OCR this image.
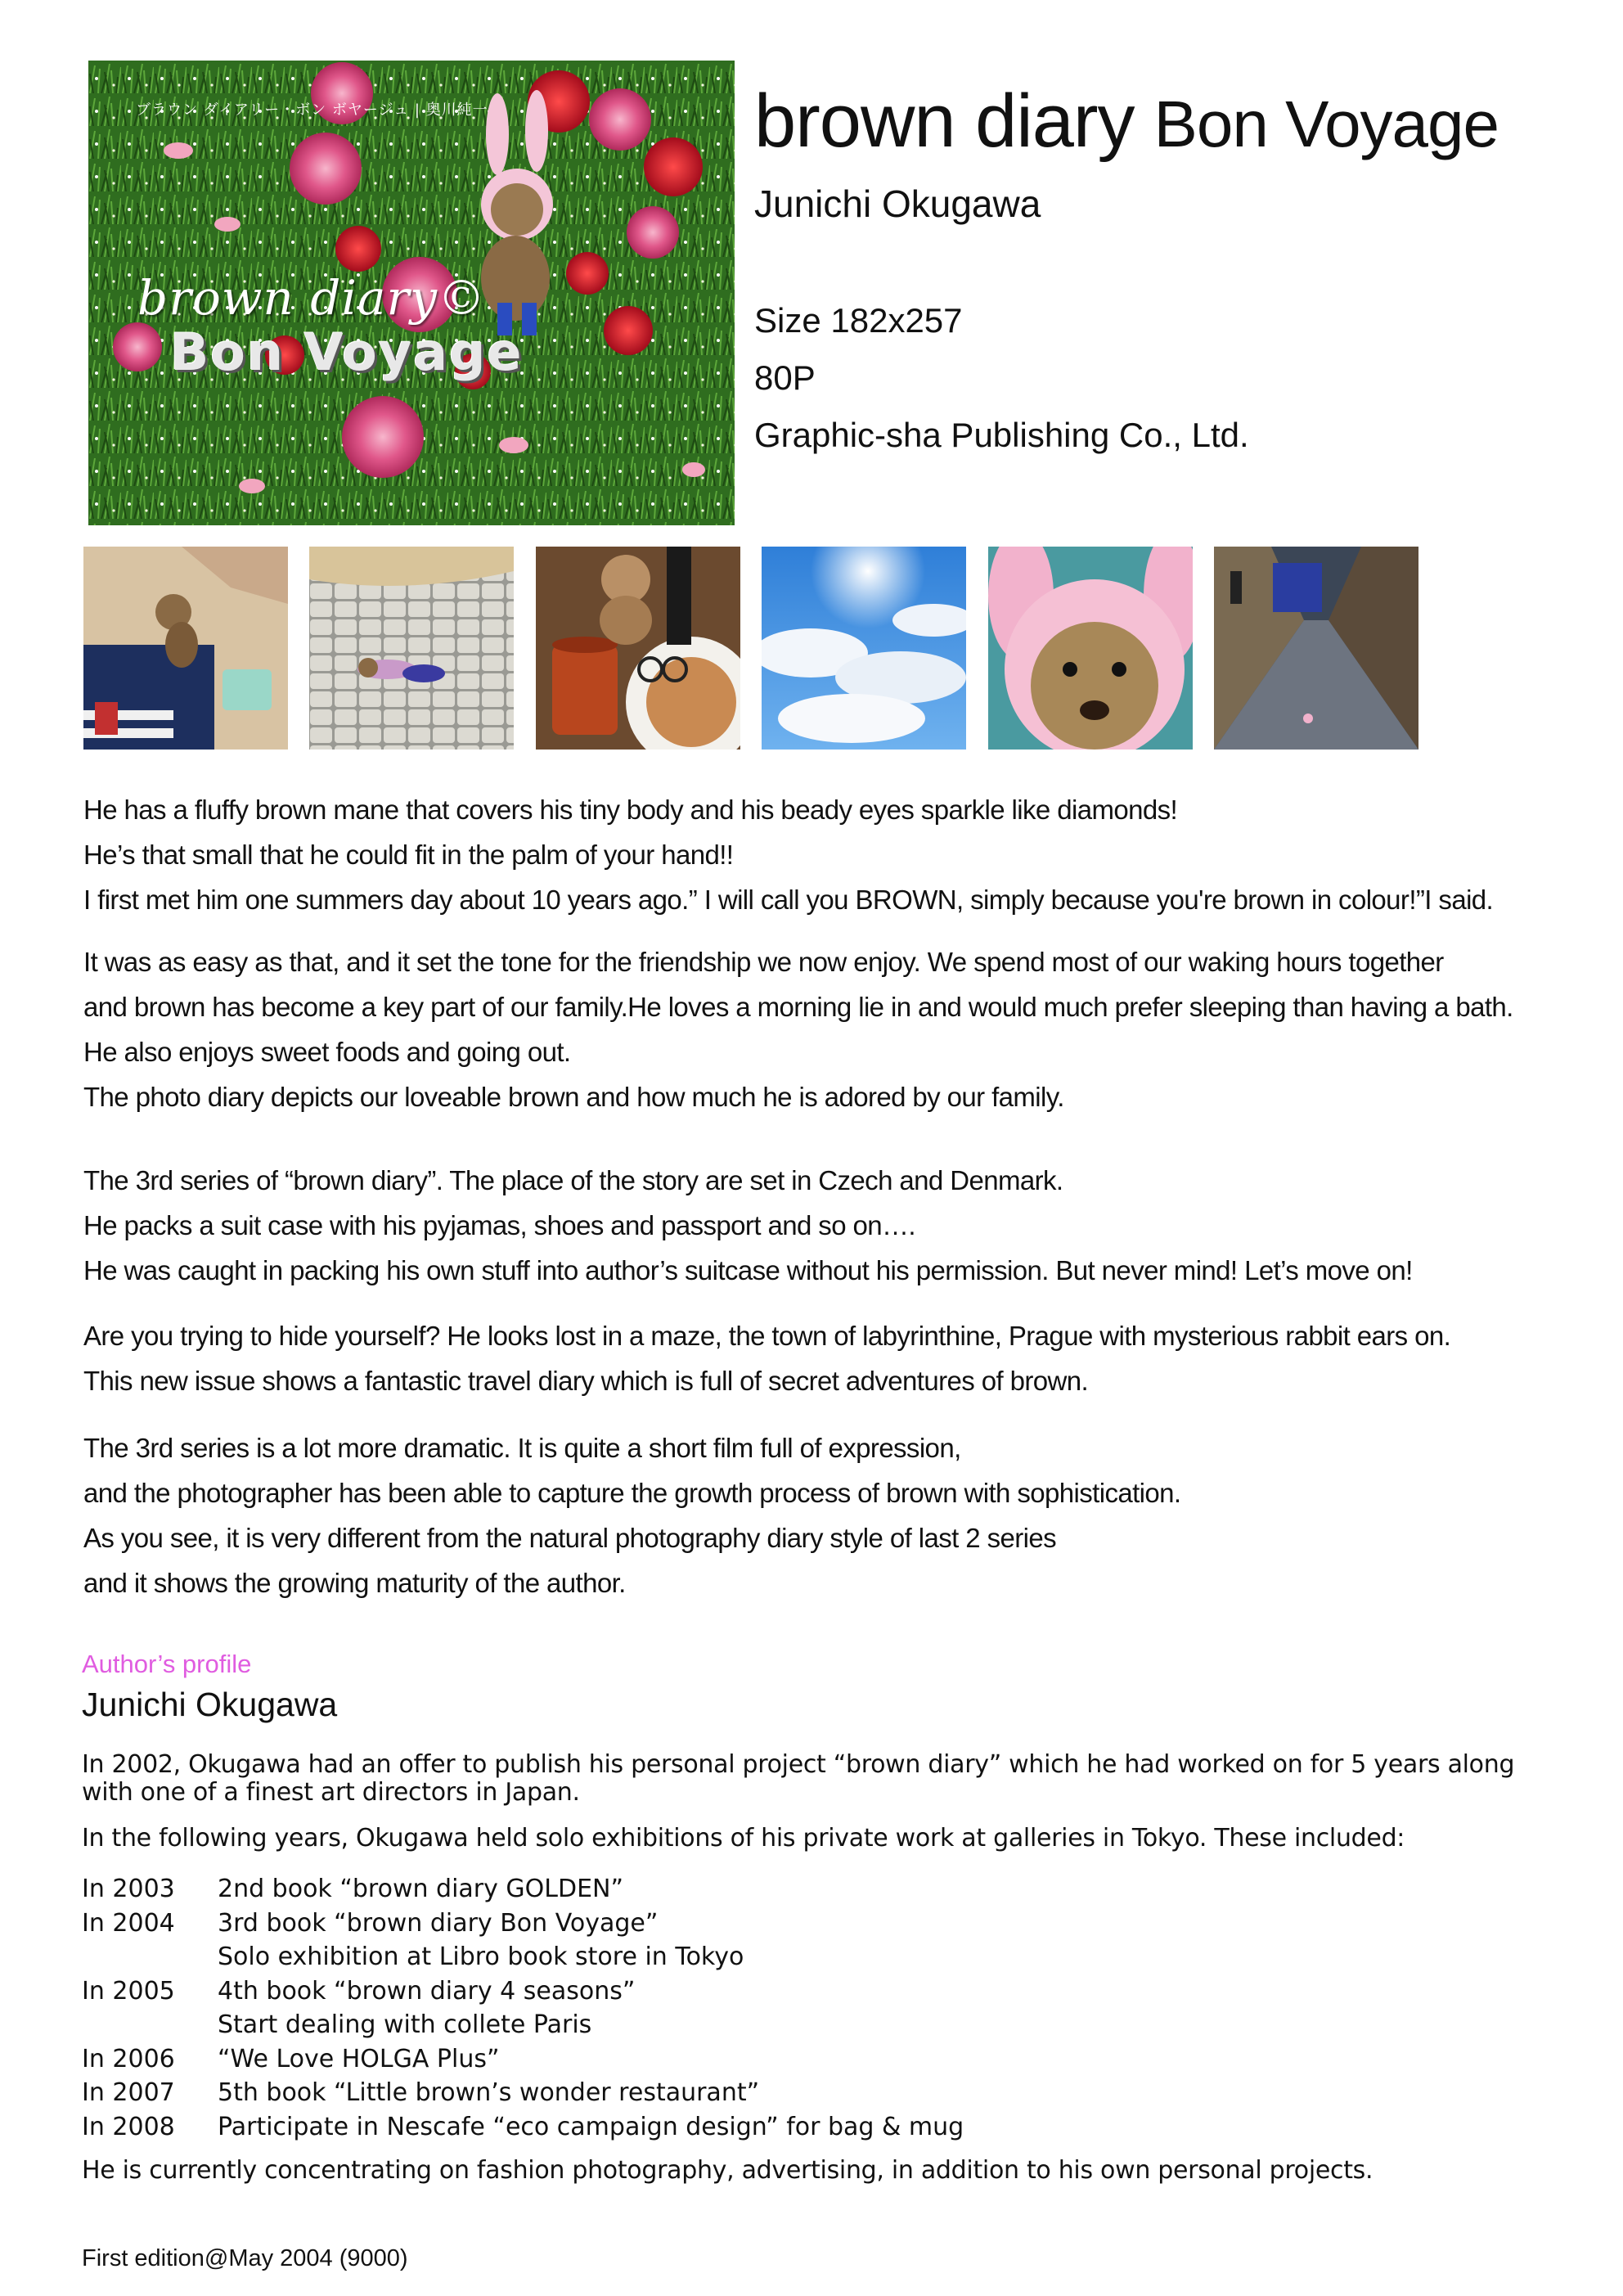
ブラウン ダイアリー・ボン ボヤージュ | 奥川純一
brown diary©
Bon Voyage
brown diary Bon Voyage
Junichi Okugawa
Size 182x257
80P
Graphic-sha Publishing Co., Ltd.
He has a fluffy brown mane that covers his tiny body and his beady eyes sparkle like diamonds!
He’s that small that he could fit in the palm of your hand!!
I first met him one summers day about 10 years ago.” I will call you BROWN, simply because you're brown in colour!”I said.
It was as easy as that, and it set the tone for the friendship we now enjoy. We spend most of our waking hours together
and brown has become a key part of our family.He loves a morning lie in and would much prefer sleeping than having a bath.
He also enjoys sweet foods and going out.
The photo diary depicts our loveable brown and how much he is adored by our family.
The 3rd series of “brown diary”. The place of the story are set in Czech and Denmark.
He packs a suit case with his pyjamas, shoes and passport and so on….
He was caught in packing his own stuff into author’s suitcase without his permission. But never mind! Let’s move on!
Are you trying to hide yourself? He looks lost in a maze, the town of labyrinthine, Prague with mysterious rabbit ears on.
This new issue shows a fantastic travel diary which is full of secret adventures of brown.
The 3rd series is a lot more dramatic. It is quite a short film full of expression,
and the photographer has been able to capture the growth process of brown with sophistication.
As you see, it is very different from the natural photography diary style of last 2 series
and it shows the growing maturity of the author.
Author’s profile
Junichi Okugawa
In 2002, Okugawa had an offer to publish his personal project “brown diary” which he had worked on for 5 years along
with one of a finest art directors in Japan.
In the following years, Okugawa held solo exhibitions of his private work at galleries in Tokyo. These included:
In 2003	2nd book “brown diary GOLDEN”
In 2004	3rd book “brown diary Bon Voyage”
Solo exhibition at Libro book store in Tokyo
In 2005	4th book “brown diary 4 seasons”
Start dealing with collete Paris
In 2006	“We Love HOLGA Plus”
In 2007	5th book “Little brown’s wonder restaurant”
In 2008	Participate in Nescafe “eco campaign design” for bag & mug
He is currently concentrating on fashion photography, advertising, in addition to his own personal projects.
First edition@May 2004 (9000)
